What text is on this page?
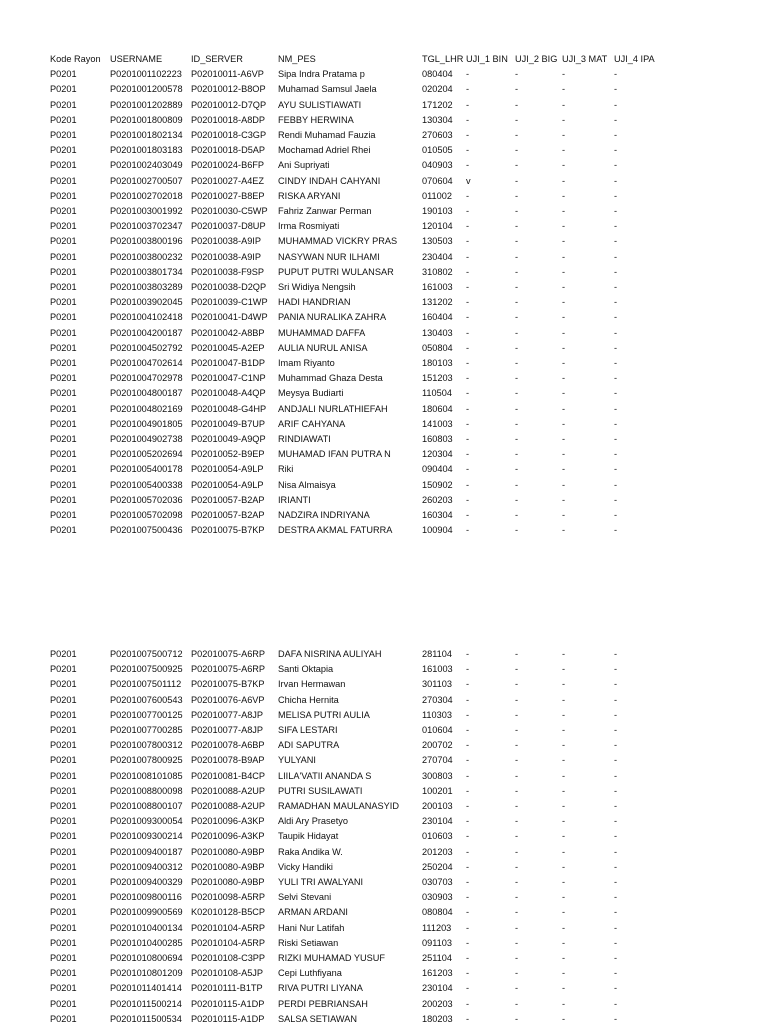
Kode Rayon	USERNAME	ID_SERVER	NM_PES	TGL_LHR	UJI_1 BIN	UJI_2 BIG	UJI_3 MAT	UJI_4 IPA
P0201	P0201001102223	P02010011-A6VP	Sipa Indra Pratama p	080404	-	-	-	-
P0201	P0201001200578	P02010012-B8OP	Muhamad Samsul Jaela	020204	-	-	-	-
P0201	P0201001202889	P02010012-D7QP	AYU SULISTIAWATI	171202	-	-	-	-
P0201	P0201001800809	P02010018-A8DP	FEBBY HERWINA	130304	-	-	-	-
P0201	P0201001802134	P02010018-C3GP	Rendi Muhamad Fauzia	270603	-	-	-	-
P0201	P0201001803183	P02010018-D5AP	Mochamad Adriel Rhei	010505	-	-	-	-
P0201	P0201002403049	P02010024-B6FP	Ani Supriyati	040903	-	-	-	-
P0201	P0201002700507	P02010027-A4EZ	CINDY INDAH CAHYANI	070604	v	-	-	-
P0201	P0201002702018	P02010027-B8EP	RISKA ARYANI	011002	-	-	-	-
P0201	P0201003001992	P02010030-C5WP	Fahriz Zanwar Perman	190103	-	-	-	-
P0201	P0201003702347	P02010037-D8UP	Irma Rosmiyati	120104	-	-	-	-
P0201	P0201003800196	P02010038-A9IP	MUHAMMAD VICKRY PRAS	130503	-	-	-	-
P0201	P0201003800232	P02010038-A9IP	NASYWAN NUR ILHAMI	230404	-	-	-	-
P0201	P0201003801734	P02010038-F9SP	PUPUT PUTRI WULANSAR	310802	-	-	-	-
P0201	P0201003803289	P02010038-D2QP	Sri Widiya Nengsih	161003	-	-	-	-
P0201	P0201003902045	P02010039-C1WP	HADI HANDRIAN	131202	-	-	-	-
P0201	P0201004102418	P02010041-D4WP	PANIA NURALIKA ZAHRA	160404	-	-	-	-
P0201	P0201004200187	P02010042-A8BP	MUHAMMAD DAFFA	130403	-	-	-	-
P0201	P0201004502792	P02010045-A2EP	AULIA NURUL ANISA	050804	-	-	-	-
P0201	P0201004702614	P02010047-B1DP	Imam Riyanto	180103	-	-	-	-
P0201	P0201004702978	P02010047-C1NP	Muhammad Ghaza Desta	151203	-	-	-	-
P0201	P0201004800187	P02010048-A4QP	Meysya Budiarti	110504	-	-	-	-
P0201	P0201004802169	P02010048-G4HP	ANDJALI NURLATHIEFAH	180604	-	-	-	-
P0201	P0201004901805	P02010049-B7UP	ARIF CAHYANA	141003	-	-	-	-
P0201	P0201004902738	P02010049-A9QP	RINDIAWATI	160803	-	-	-	-
P0201	P0201005202694	P02010052-B9EP	MUHAMAD IFAN PUTRA N	120304	-	-	-	-
P0201	P0201005400178	P02010054-A9LP	Riki	090404	-	-	-	-
P0201	P0201005400338	P02010054-A9LP	Nisa Almaisya	150902	-	-	-	-
P0201	P0201005702036	P02010057-B2AP	IRIANTI	260203	-	-	-	-
P0201	P0201005702098	P02010057-B2AP	NADZIRA INDRIYANA	160304	-	-	-	-
P0201	P0201007500436	P02010075-B7KP	DESTRA AKMAL FATURRA	100904	-	-	-	-
P0201	P0201007500712	P02010075-A6RP	DAFA NISRINA AULIYAH	281104	-	-	-	-
P0201	P0201007500925	P02010075-A6RP	Santi Oktapia	161003	-	-	-	-
P0201	P0201007501112	P02010075-B7KP	Irvan Hermawan	301103	-	-	-	-
P0201	P0201007600543	P02010076-A6VP	Chicha Hernita	270304	-	-	-	-
P0201	P0201007700125	P02010077-A8JP	MELISA PUTRI AULIA	110303	-	-	-	-
P0201	P0201007700285	P02010077-A8JP	SIFA LESTARI	010604	-	-	-	-
P0201	P0201007800312	P02010078-A6BP	ADI SAPUTRA	200702	-	-	-	-
P0201	P0201007800925	P02010078-B9AP	YULYANI	270704	-	-	-	-
P0201	P0201008101085	P02010081-B4CP	LIILA'VATII ANANDA S	300803	-	-	-	-
P0201	P0201008800098	P02010088-A2UP	PUTRI SUSILAWATI	100201	-	-	-	-
P0201	P0201008800107	P02010088-A2UP	RAMADHAN MAULANASYID	200103	-	-	-	-
P0201	P0201009300054	P02010096-A3KP	Aldi Ary Prasetyo	230104	-	-	-	-
P0201	P0201009300214	P02010096-A3KP	Taupik Hidayat	010603	-	-	-	-
P0201	P0201009400187	P02010080-A9BP	Raka Andika W.	201203	-	-	-	-
P0201	P0201009400312	P02010080-A9BP	Vicky Handiki	250204	-	-	-	-
P0201	P0201009400329	P02010080-A9BP	YULI TRI AWALYANI	030703	-	-	-	-
P0201	P0201009800116	P02010098-A5RP	Selvi Stevani	030903	-	-	-	-
P0201	P0201009900569	K02010128-B5CP	ARMAN ARDANI	080804	-	-	-	-
P0201	P0201010400134	P02010104-A5RP	Hani Nur Latifah	111203	-	-	-	-
P0201	P0201010400285	P02010104-A5RP	Riski Setiawan	091103	-	-	-	-
P0201	P0201010800694	P02010108-C3PP	RIZKI MUHAMAD YUSUF	251104	-	-	-	-
P0201	P0201010801209	P02010108-A5JP	Cepi Luthfiyana	161203	-	-	-	-
P0201	P0201011401414	P02010111-B1TP	RIVA PUTRI LIYANA	230104	-	-	-	-
P0201	P0201011500214	P02010115-A1DP	PERDI PEBRIANSAH	200203	-	-	-	-
P0201	P0201011500534	P02010115-A1DP	SALSA SETIAWAN	180203	-	-	-	-
